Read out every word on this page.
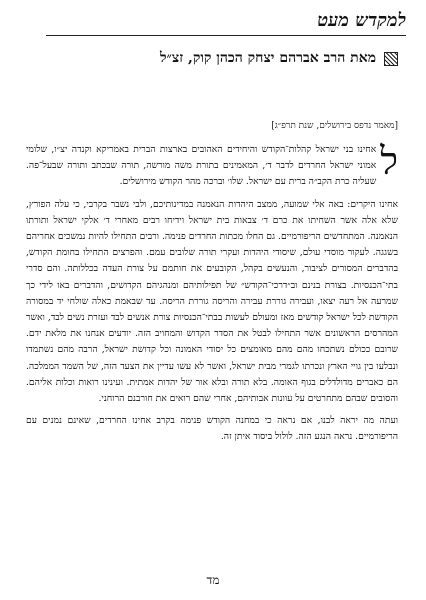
למקדש מעט
מאת הרב אברהם יצחק הכהן קוק, זצ״ל
[מאמר נדפס בירושלים, שנת תרפ״ג]

ל
אחינו בני ישראל קהלות־הקודש והיחידים האהובים בארצות הברית באמריקא וקנדה יצ״ו, שלומי אמוני ישראל החרדים לדבר ד׳, המאמינים בתורת משה מורשה, תורה שבכתב ותורה שבעל־פה. שעליה כרת הקב״ה ברית עם ישראל. שלו׳ וברכה מהר הקודש מירושלים.

אחינו היקרים: באה אלי שמועה, ממצב היהדות הנאמנה במדינותיכם, ולבי נשבר בקרבי, כי עלה הפורץ, שלא אלה אשר השחיתו את כרם ד׳ צבאות בית ישראל וידיחו רבים מאחרי ד׳ אלקי ישראל ותורתו הנאמנה. המתחדשים הריפורמיים. גם החלו מכתות החרדים פנימה. ורבים התחילו להיות נמשכים אחריהם בשגגה. לעקור מוסדי עולם, שיסודי היהדות ועקרי תורה שלובים עמם. והפרצים התחילו בחומת הקודש, בהדברים המסורים לציבור, והנעשים בקהל, הקובעים את חותמם על צורת העדה בכללותה. והם סדרי בתי־הכנסיות. בצורת בנינם וב״דרכי־הקודש״ של תפילותיהם ומנהגיהם הקדושים, והדברים באו לידי כך שמרעה אל רעה יצאו, ועבירה גוררת עבירה והריסה גוררת הריסה. עד שבאמת כאלה שולחי יד במסורה הקודשת לכל ישראל קודשים מאז ומעולם לעשות בבתי־הכנסיות צורת אנשים לבד ועזרת נשים לבד, ואשר המהרסים הראשונים אשר התחילו לבטל את הסדר הקדוש והמחויב הזה. יודעים אנחנו את מלאת ידם. שרובם ככולם נשתכחו מהם מהם מאומצים כל יסודי האמונה וכל קדושת ישראל, הרבה מהם נשתמדו ונבלעו בין גויי הארץ ונכרתו לגמרי מבית ישראל, ואשר לא עשו עדיין את הצעד הזה, של השמד הממלכה. הם כאברים מדולדלים בגוף האומה. בלא תורה ובלא אור של יהדות אמתית. ועינינו רואות וכלות אליהם. והסובים שבהם מתחרטים על עוונות אבותיהם, אחרי שהם רואים את חורבנם הרוחני.

ועתה מה יראה לבנו, אם נראה כי במחנה הקודש פנימה בקרב אחינו החרדים, שאינם נמנים עם הריפורמיים. נראה הנגע הזה. לולול ביסוד איתן זה.

מד
